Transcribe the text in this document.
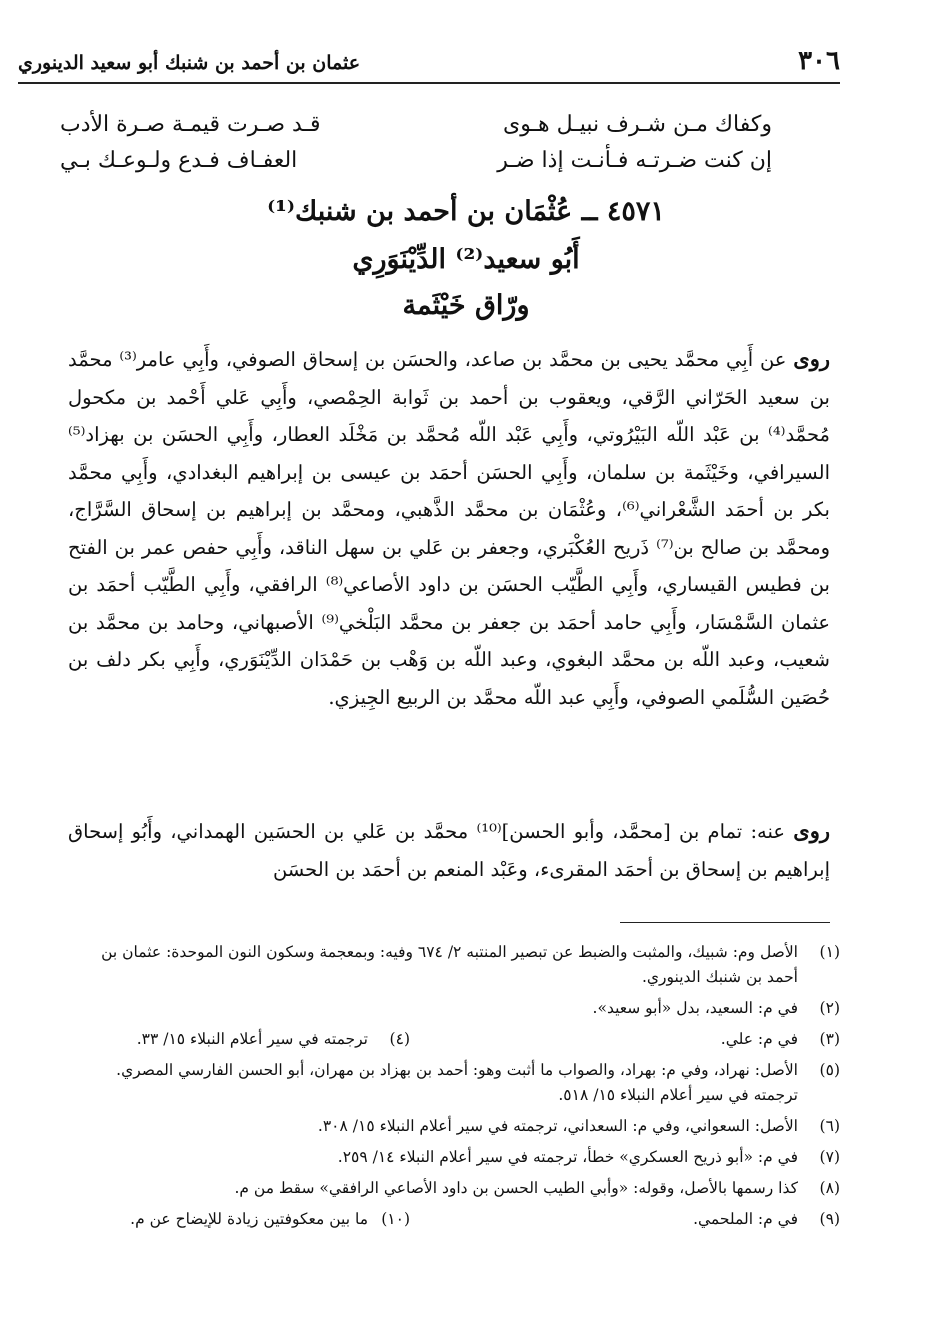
٣٠٦
عثمان بن أحمد بن شنبك أبو سعيد الدينوري
وكفاك مـن شـرف نبيـل هـوى
قـد صـرت قيمـة صـرة الأدب
إن كنت ضـرتـه فـأنـت إذا ضـر
العفـاف فـدع ولـوعـك بـي
٤٥٧١ ــ عُثْمَان بن أحمد بن شنبك⁽¹⁾
أَبُو سعيد⁽²⁾ الدِّيْنَوَرِي
ورّاق خَيْثَمة
روى عن أَبِي محمَّد يحيى بن محمَّد بن صاعد، والحسَن بن إسحاق الصوفي، وأَبِي عامر⁽³⁾ محمَّد بن سعيد الحَرّاني الرَّقي، ويعقوب بن أحمد بن ثَوابة الحِمْصي، وأَبِي عَلي أَحْمد بن مكحول مُحمَّد⁽⁴⁾ بن عَبْد اللّه البَيْرُوتي، وأَبِي عَبْد اللّه مُحمَّد بن مَخْلَد العطار، وأَبِي الحسَن بن بهزاد⁽⁵⁾ السيرافي، وخَيْثَمة بن سلمان، وأَبِي الحسَن أحمَد بن عيسى بن إبراهيم البغدادي، وأَبِي محمَّد بكر بن أحمَد الشَّعْراني⁽⁶⁾، وعُثْمَان بن محمَّد الذَّهبي، ومحمَّد بن إبراهيم بن إسحاق السَّرَّاج، ومحمَّد بن صالح بن⁽⁷⁾ ذَريح العُكْبَري، وجعفر بن عَلي بن سهل الناقد، وأَبِي حفص عمر بن الفتح بن فطيس القيساري، وأَبِي الطَّيّب الحسَن بن داود الأصاعي⁽⁸⁾ الرافقي، وأَبِي الطَّيّب أحمَد بن عثمان السَّمْسَار، وأَبِي حامد أحمَد بن جعفر بن محمَّد البَلْخي⁽⁹⁾ الأصبهاني، وحامد بن محمَّد بن شعيب، وعبد اللّه بن محمَّد البغوي، وعبد اللّه بن وَهْب بن حَمْدَان الدِّيْنَوَري، وأَبِي بكر دلف بن حُصَين السُّلَمي الصوفي، وأَبِي عبد اللّه محمَّد بن الربيع الجِيزي.
روى عنه: تمام بن [محمَّد، وأبو الحسن]⁽¹⁰⁾ محمَّد بن عَلي بن الحسَين الهمداني، وأَبُو إسحاق إبراهيم بن إسحاق بن أحمَد المقرىء، وعَبْد المنعم بن أحمَد بن الحسَن
(١)
الأصل وم: شبيك، والمثبت والضبط عن تبصير المنتبه ٢/ ٦٧٤ وفيه: وبمعجمة وسكون النون الموحدة: عثمان بن أحمد بن شنبك الدينوري.
(٢)
في م: السعيد، بدل «أبو سعيد».
(٣)
في م: علي.
(٤)
ترجمته في سير أعلام النبلاء ١٥/ ٣٣.
(٥)
الأصل: نهراد، وفي م: بهراد، والصواب ما أثبت وهو: أحمد بن بهزاد بن مهران، أبو الحسن الفارسي المصري. ترجمته في سير أعلام النبلاء ١٥/ ٥١٨.
(٦)
الأصل: السعواني، وفي م: السعداني، ترجمته في سير أعلام النبلاء ١٥/ ٣٠٨.
(٧)
في م: «أبو ذريح العسكري» خطأ، ترجمته في سير أعلام النبلاء ١٤/ ٢٥٩.
(٨)
كذا رسمها بالأصل، وقوله: «وأبي الطيب الحسن بن داود الأصاعي الرافقي» سقط من م.
(٩)
في م: الملحمي.
(١٠)
ما بين معكوفتين زيادة للإيضاح عن م.
